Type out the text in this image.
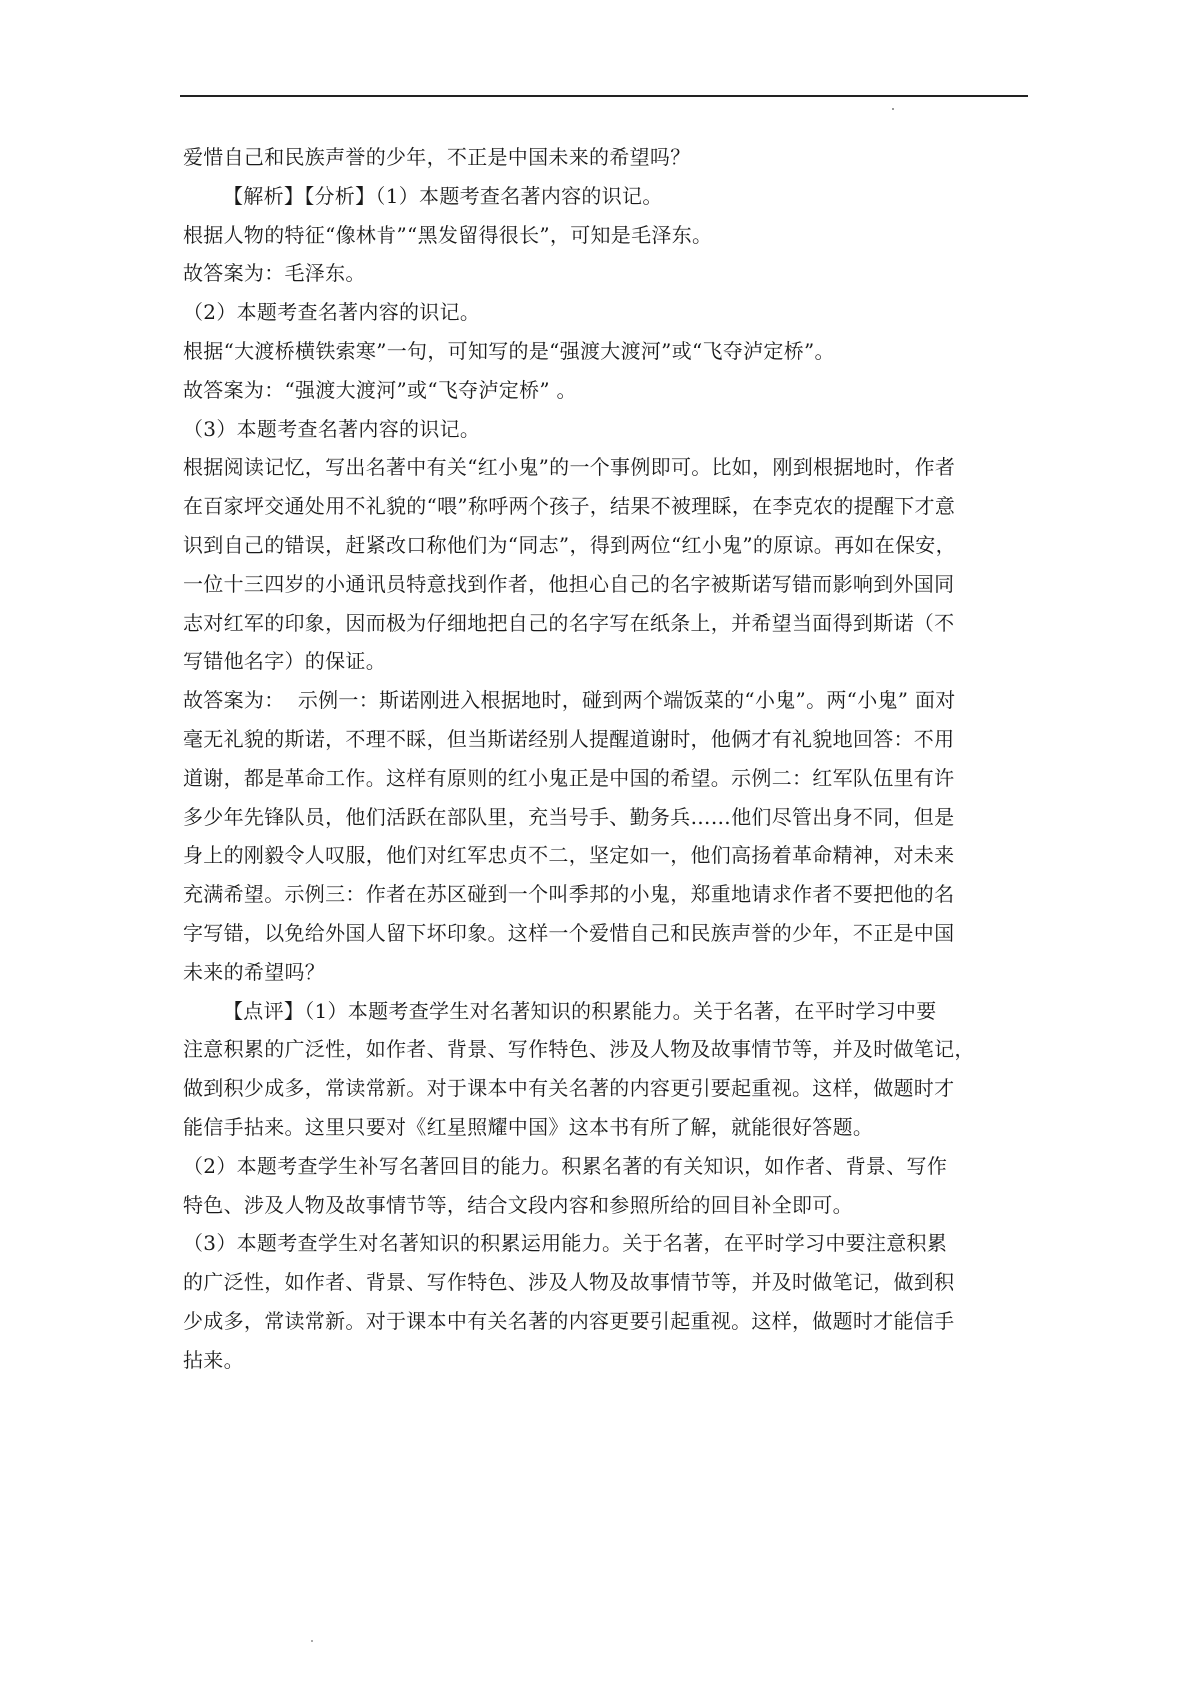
爱惜自己和民族声誉的少年，不正是中国未来的希望吗？
【解析】【分析】（1）本题考查名著内容的识记。
根据人物的特征“像林肯”“黑发留得很长”，可知是毛泽东。
故答案为：毛泽东。
（2）本题考查名著内容的识记。
根据“大渡桥横铁索寒”一句，可知写的是“强渡大渡河”或“飞夺泸定桥”。
故答案为：“强渡大渡河”或“飞夺泸定桥” 。
（3）本题考查名著内容的识记。
根据阅读记忆，写出名著中有关“红小鬼”的一个事例即可。比如，刚到根据地时，作者
在百家坪交通处用不礼貌的“喂”称呼两个孩子，结果不被理睬，在李克农的提醒下才意
识到自己的错误，赶紧改口称他们为“同志”，得到两位“红小鬼”的原谅。再如在保安，
一位十三四岁的小通讯员特意找到作者，他担心自己的名字被斯诺写错而影响到外国同
志对红军的印象，因而极为仔细地把自己的名字写在纸条上，并希望当面得到斯诺（不
写错他名字）的保证。
故答案为：  示例一：斯诺刚进入根据地时，碰到两个端饭菜的“小鬼”。两“小鬼” 面对
毫无礼貌的斯诺，不理不睬，但当斯诺经别人提醒道谢时，他俩才有礼貌地回答：不用
道谢，都是革命工作。这样有原则的红小鬼正是中国的希望。示例二：红军队伍里有许
多少年先锋队员，他们活跃在部队里，充当号手、勤务兵……他们尽管出身不同，但是
身上的刚毅令人叹服，他们对红军忠贞不二，坚定如一，他们高扬着革命精神，对未来
充满希望。示例三：作者在苏区碰到一个叫季邦的小鬼，郑重地请求作者不要把他的名
字写错，以免给外国人留下坏印象。这样一个爱惜自己和民族声誉的少年，不正是中国
未来的希望吗？
【点评】（1）本题考查学生对名著知识的积累能力。关于名著，在平时学习中要
注意积累的广泛性，如作者、背景、写作特色、涉及人物及故事情节等，并及时做笔记，
做到积少成多，常读常新。对于课本中有关名著的内容更引要起重视。这样，做题时才
能信手拈来。这里只要对《红星照耀中国》这本书有所了解，就能很好答题。
（2）本题考查学生补写名著回目的能力。积累名著的有关知识，如作者、背景、写作
特色、涉及人物及故事情节等，结合文段内容和参照所给的回目补全即可。
（3）本题考查学生对名著知识的积累运用能力。关于名著，在平时学习中要注意积累
的广泛性，如作者、背景、写作特色、涉及人物及故事情节等，并及时做笔记，做到积
少成多，常读常新。对于课本中有关名著的内容更要引起重视。这样，做题时才能信手
拈来。
